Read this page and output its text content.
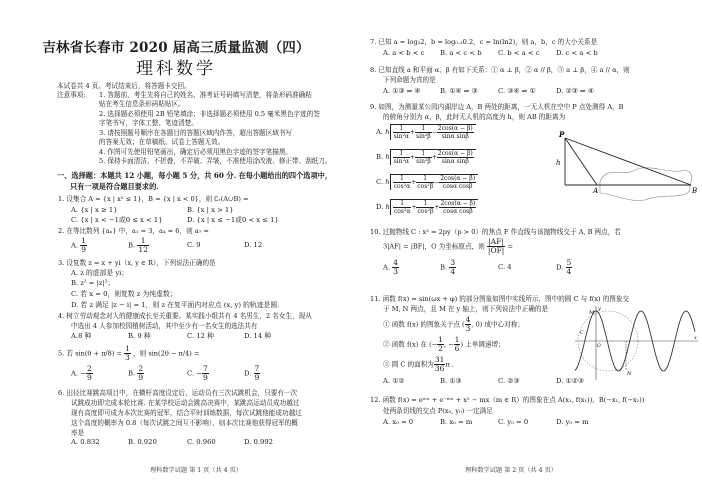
吉林省长春市 2020 届高三质量监测（四）
理科数学
本试卷共 4 页。考试结束后，将答题卡交回。
注意事项: 1. 答题前，考生先将自己的姓名、准考证号码填写清楚，将条形码准确粘
贴在考生信息条形码粘贴区。
2. 选择题必须使用 2B 铅笔填涂；非选择题必须使用 0.5 毫米黑色字迹的签
字笔书写，字体工整、笔迹清楚。
3. 请按照题号顺序在各题目的答题区域内作答，超出答题区域书写
的答案无效；在草稿纸、试卷上答题无效。
4. 作图可先使用铅笔画出，确定后必须用黑色字迹的签字笔描黑。
5. 保持卡面清洁，不折叠，不弄破、弄皱，不准使用涂改液、修正带、刮纸刀。
一、选择题：本题共 12 小题，每小题 5 分，共 60 分. 在每小题给出的四个选项中，
只有一项是符合题目要求的.
1. 设集合 A = {x | x² ≤ 1}，B = {x | x < 0}，则 ∁ᵣ(A∪B) =
A. {x | x ≥ 1}	B. {x | x > 1}
C. {x | x < −1或0 ≤ x < 1}	D. {x | x ≤ −1或0 < x ≤ 1}
2. 在等比数列 {aₙ} 中，a₁ = 3，a₄ = 6，则 a₇ =
A. $\frac{1}{9}$	B. $\frac{1}{12}$	C. 9	D. 12
3. 设复数 z = x + yi（x, y ∈ R），下列说法正确的是
A. z 的虚部是 yi；
B. z² = |z|²；
C. 若 x = 0，则复数 z 为纯虚数；
D. 若 z 满足 |z − i| = 1，则 z 在复平面内对应点 (x, y) 的轨迹是圆.
4. 树立劳动观念对人的健康成长至关重要。某实践小组共有 4 名男生，2 名女生，现从
中选出 4 人参加校园植树活动，其中至少有一名女生的选法共有
A.8 种	B. 9 种	C. 12 种	D. 14 种
5. 若 $\sin(\theta + \pi/8) = \frac{1}{3}$ ，则 sin(2θ − π/4) =
A. − $\frac{2}{9}$	B. $\frac{2}{9}$	C. − $\frac{7}{9}$	D. $\frac{7}{9}$
6. 田径比赛跳高项目中，在横杆高度设定后，运动员有三次试跳机会，只要有一次
试跳成功即完成本轮比赛. 在某学校运动会跳高决赛中，某跳高运动员成功越过
现有高度即可成为本次比赛的冠军，结合平时训练数据，每次试跳他能成功越过
这个高度的概率为 0.8（每次试跳之间互不影响），则本次比赛他获得冠军的概
率是
A. 0.832	B. 0.920	C. 0.960	D. 0.992
理科数学试题 第 1 页（共 4 页）
7. 已知 a = log₃2，b = log₀.₃0.2，c = ln(ln2)，则 a，b，c 的大小关系是
A. a < b < c B. a < c < b C. b < a < c D. c < a < b
8. 已知直线 a 和平面 α、β 有如下关系：① α ⊥ β，② α // β，③ a ⊥ β，④ a // α，则
下列命题为真的是
A. ①③ ⇒ ④	B. ①④ ⇒ ③	C. ③④ ⇒ ①	D. ②③ ⇒ ④
9. 如图，为测量某公园内湖岸边 A，B 两处的距离，一无人机在空中 P 点处测得 A，B
的俯角分别为 α，β，此时无人机的高度为 h，则 AB 的距离为
A. h $\frac{1}{\text{sin²α}} + \frac{1}{\text{sin²β}} - \frac{2\cos(\alpha - \beta)}{\text{sinα sinβ}}$
B. h $\frac{1}{\text{sin²α}} + \frac{1}{\text{sin²β}} + \frac{2\cos(\alpha - \beta)}{\text{sinα sinβ}}$
C. h $\frac{1}{\text{cos²α}} + \frac{1}{\text{cos²β}} - \frac{2\cos(\alpha - \beta)}{\text{cosα cosβ}}$
D. h $\frac{1}{\text{cos²α}} + \frac{1}{\text{cos²β}} + \frac{2\cos(\alpha - \beta)}{\text{cosα cosβ}}$
P
h
A	B
10. 过抛物线 C : x² = 2py（p > 0）的焦点 F 作直线与该抛物线交于 A, B 两点，若
3|AF| = |BF|，O 为坐标原点，则 $\frac{|AF|}{|OF|}$ =
A. $\frac{4}{3}$	B. $\frac{3}{4}$	C. 4	D. $\frac{5}{4}$
11. 函数 f(x) = sin(ωx + φ) 的部分图象如图中实线所示，图中的圆 C 与 f(x) 的图象交
于 M, N 两点，且 M 在 y 轴上，则下列说法中正确的是
① 函数 f(x) 的图象关于点 ( $\frac{4}{3}$ , 0) 成中心对称；
② 函数 f(x) 在 (− $\frac{1}{2}$ , − $\frac{1}{6}$ ) 上单调递增；
③ 圆 C 的面积为 $\frac{31}{36}$ π .
A. ①②	B. ①③	C. ②③	D. ①②③
M
N
y
x
O
C
12. 函数 f(x) = eᵐˣ + e⁻ᵐˣ + x² − mx（m ∈ R）的图象在点 A(x₁, f(x₁))，B(−x₁, f(−x₁))
处两条切线的交点 P(x₀, y₀) 一定满足
A. x₀ = 0	B. x₀ = m	C. y₀ = 0	D. y₀ = m
理科数学试题 第 2 页（共 4 页）
